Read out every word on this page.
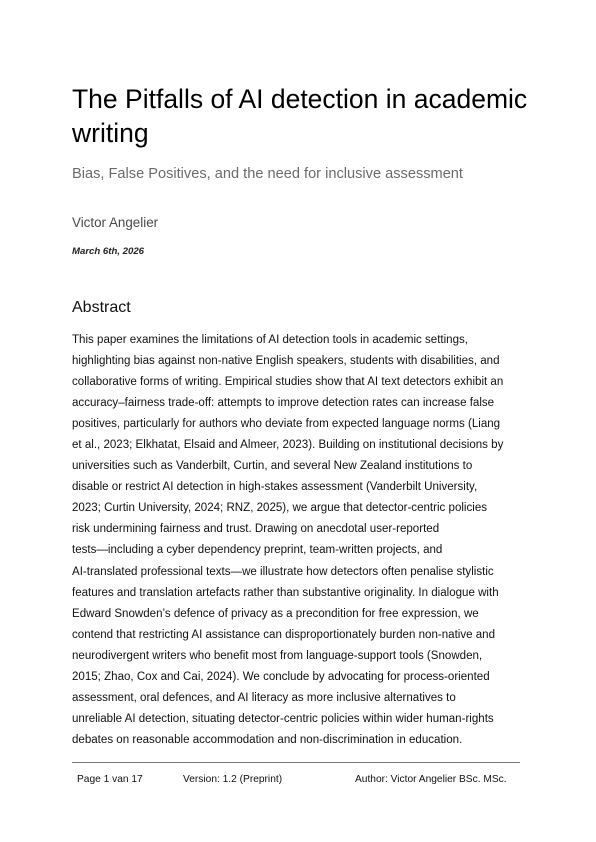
The Pitfalls of AI detection in academic writing

Bias, False Positives, and the need for inclusive assessment

Victor Angelier

March 6th, 2026

Abstract
This paper examines the limitations of AI detection tools in academic settings,
highlighting bias against non-native English speakers, students with disabilities, and
collaborative forms of writing. Empirical studies show that AI text detectors exhibit an
accuracy–fairness trade-off: attempts to improve detection rates can increase false
positives, particularly for authors who deviate from expected language norms (Liang
et al., 2023; Elkhatat, Elsaid and Almeer, 2023). Building on institutional decisions by
universities such as Vanderbilt, Curtin, and several New Zealand institutions to
disable or restrict AI detection in high-stakes assessment (Vanderbilt University,
2023; Curtin University, 2024; RNZ, 2025), we argue that detector-centric policies
risk undermining fairness and trust. Drawing on anecdotal user-reported
tests—including a cyber dependency preprint, team-written projects, and
AI-translated professional texts—we illustrate how detectors often penalise stylistic
features and translation artefacts rather than substantive originality. In dialogue with
Edward Snowden’s defence of privacy as a precondition for free expression, we
contend that restricting AI assistance can disproportionately burden non-native and
neurodivergent writers who benefit most from language-support tools (Snowden,
2015; Zhao, Cox and Cai, 2024). We conclude by advocating for process-oriented
assessment, oral defences, and AI literacy as more inclusive alternatives to
unreliable AI detection, situating detector-centric policies within wider human-rights
debates on reasonable accommodation and non-discrimination in education.
Page 1 van 17	Version: 1.2 (Preprint)	Author: Victor Angelier BSc. MSc.
